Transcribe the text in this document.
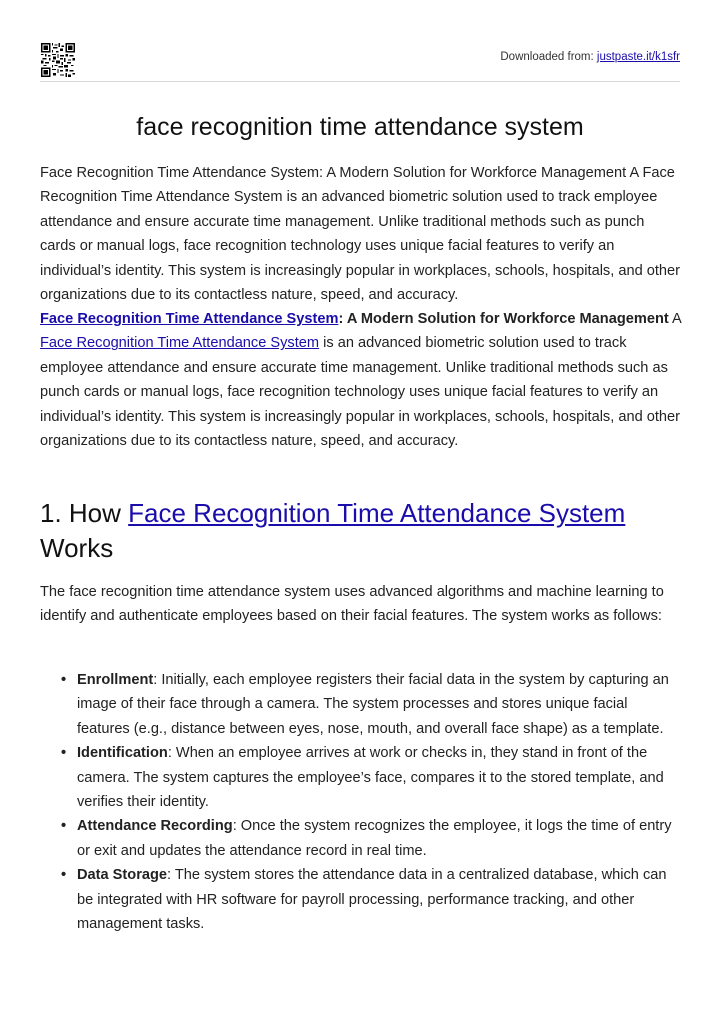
Downloaded from: justpaste.it/k1sfr
face recognition time attendance system

Face Recognition Time Attendance System: A Modern Solution for Workforce Management A Face Recognition Time Attendance System is an advanced biometric solution used to track employee attendance and ensure accurate time management. Unlike traditional methods such as punch cards or manual logs, face recognition technology uses unique facial features to verify an individual’s identity. This system is increasingly popular in workplaces, schools, hospitals, and other organizations due to its contactless nature, speed, and accuracy.

Face Recognition Time Attendance System: A Modern Solution for Workforce Management A Face Recognition Time Attendance System is an advanced biometric solution used to track employee attendance and ensure accurate time management. Unlike traditional methods such as punch cards or manual logs, face recognition technology uses unique facial features to verify an individual’s identity. This system is increasingly popular in workplaces, schools, hospitals, and other organizations due to its contactless nature, speed, and accuracy.

1. How Face Recognition Time Attendance System Works

The face recognition time attendance system uses advanced algorithms and machine learning to identify and authenticate employees based on their facial features. The system works as follows:

• Enrollment: Initially, each employee registers their facial data in the system by capturing an image of their face through a camera. The system processes and stores unique facial features (e.g., distance between eyes, nose, mouth, and overall face shape) as a template.
• Identification: When an employee arrives at work or checks in, they stand in front of the camera. The system captures the employee’s face, compares it to the stored template, and verifies their identity.
• Attendance Recording: Once the system recognizes the employee, it logs the time of entry or exit and updates the attendance record in real time.
• Data Storage: The system stores the attendance data in a centralized database, which can be integrated with HR software for payroll processing, performance tracking, and other management tasks.
